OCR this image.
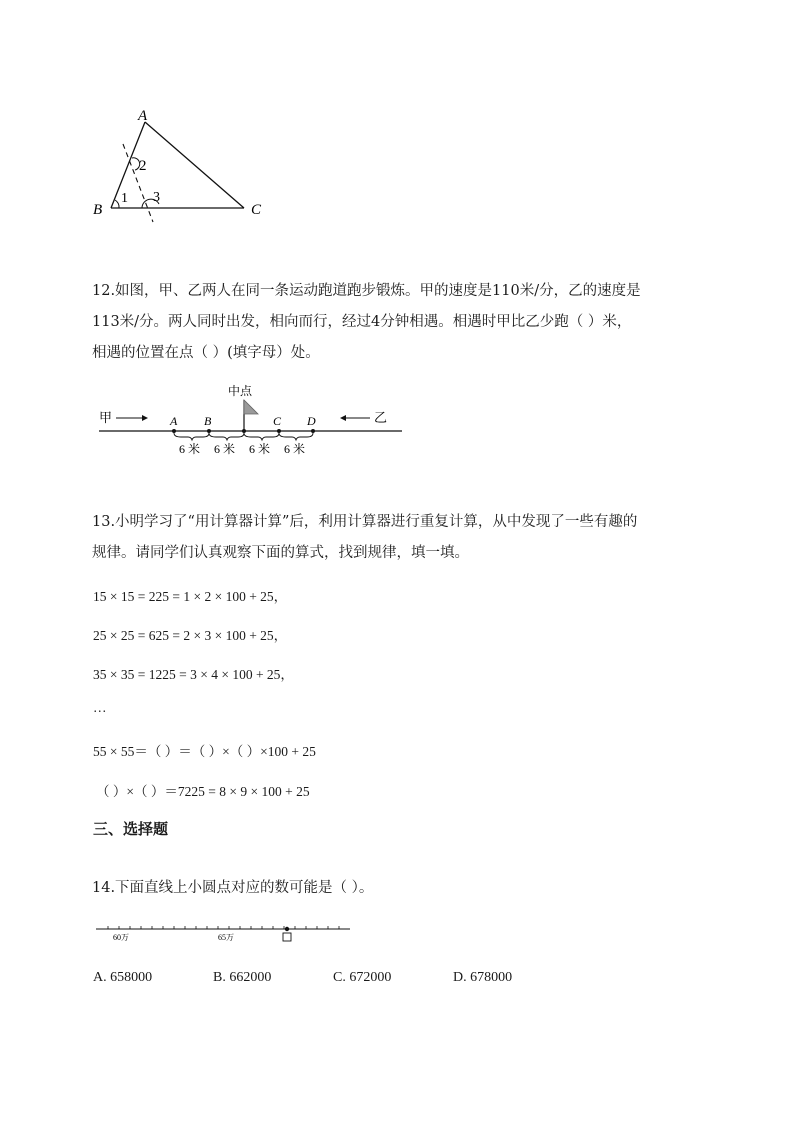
A
B	C
1
2
3
12.如图，甲、乙两人在同一条运动跑道跑步锻炼。甲的速度是110米/分，乙的速度是
113米/分。两人同时出发，相向而行，经过4分钟相遇。相遇时甲比乙少跑（ ）米，
相遇的位置在点（ ）(填字母）处。
中点
甲	乙
A B	C D
6 米 6 米 6 米 6 米
13.小明学习了“用计算器计算”后，利用计算器进行重复计算，从中发现了一些有趣的
规律。请同学们认真观察下面的算式，找到规律，填一填。
15 × 15 = 225 = 1 × 2 × 100 + 25，
25 × 25 = 625 = 2 × 3 × 100 + 25，
35 × 35 = 1225 = 3 × 4 × 100 + 25，
…
55 × 55＝（ ）＝（ ）×（ ）×100 + 25
（ ）×（ ）＝7225 = 8 × 9 × 100 + 25
三、选择题
14.下面直线上小圆点对应的数可能是（ ）。
60万	65万
A. 658000	B. 662000	C. 672000	D. 678000
